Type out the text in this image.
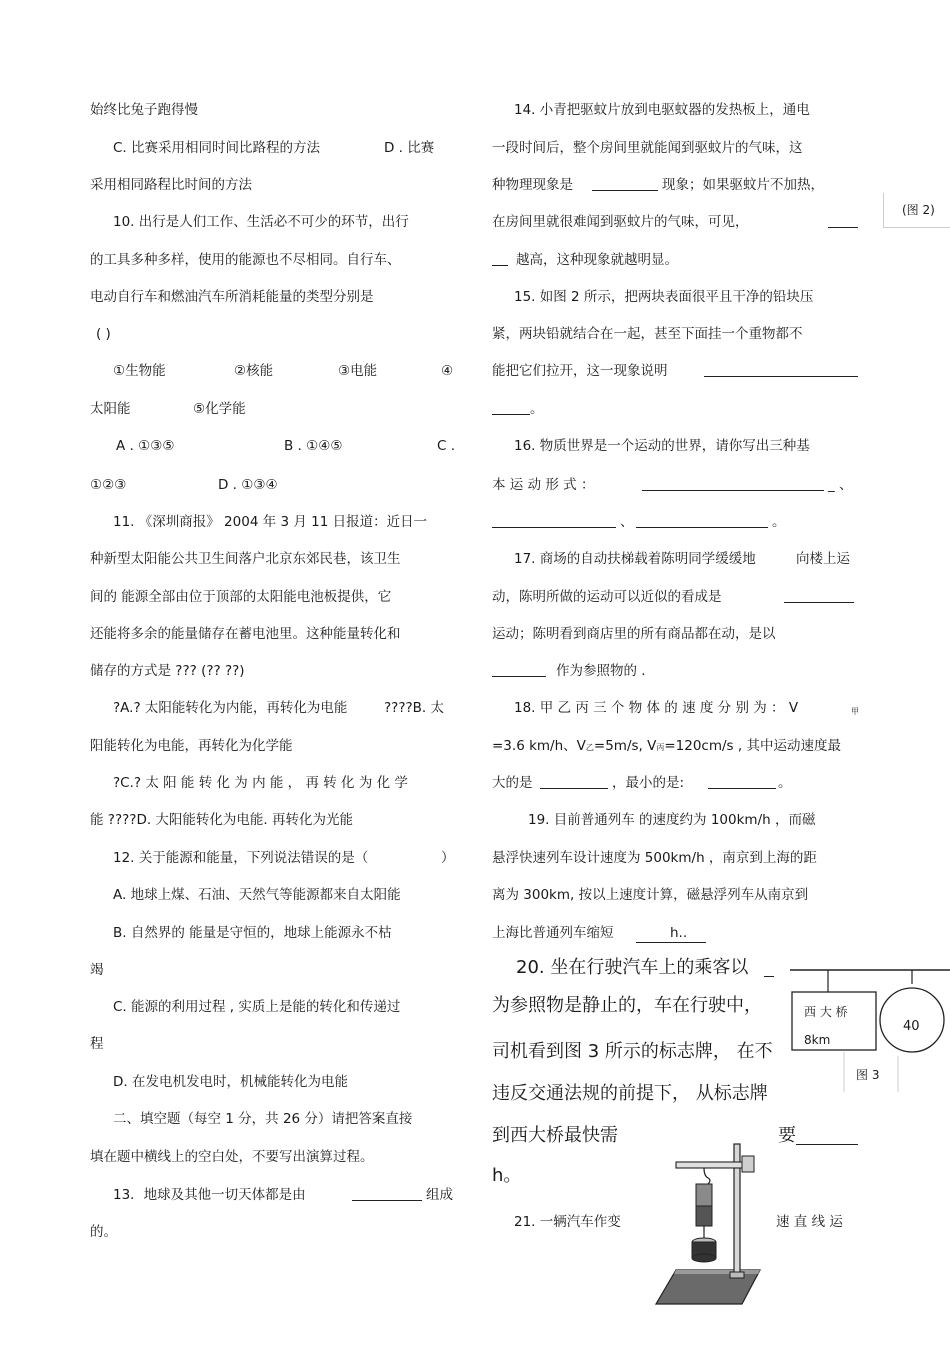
始终比兔子跑得慢
C. 比赛采用相同时间比路程的方法	D . 比赛
采用相同路程比时间的方法
10. 出行是人们工作、生活必不可少的环节，出行
的工具多种多样，使用的能源也不尽相同。自行车、
电动自行车和燃油汽车所消耗能量的类型分别是
( )
①生物能	②核能	③电能	④
太阳能	⑤化学能
A . ①③⑤	B . ①④⑤	C .
①②③	D . ①③④
11. 《深圳商报》 2004 年 3 月 11 日报道：近日一
种新型太阳能公共卫生间落户北京东郊民巷，该卫生
间的 能源全部由位于顶部的太阳能电池板提供，它
还能将多余的能量储存在蓄电池里。这种能量转化和
储存的方式是 ??? (?? ??)
?A.? 太阳能转化为内能，再转化为电能	????B. 太
阳能转化为电能，再转化为化学能
?C.? 太 阳 能 转 化 为 内 能 ， 再 转 化 为 化 学
能 ????D. 大阳能转化为电能. 再转化为光能
12. 关于能源和能量，下列说法错误的是（	）
A. 地球上煤、石油、天然气等能源都来自太阳能
B. 自然界的 能量是守恒的，地球上能源永不枯
竭
C. 能源的利用过程 , 实质上是能的转化和传递过
程
D. 在发电机发电时，机械能转化为电能
二、填空题（每空 1 分，共 26 分）请把答案直接
填在题中横线上的空白处，不要写出演算过程。
13．地球及其他一切天体都是由	组成
的。
14. 小青把驱蚊片放到电驱蚊器的发热板上，通电
一段时间后，整个房间里就能闻到驱蚊片的气味，这
种物理现象是	现象；如果驱蚊片不加热，
在房间里就很难闻到驱蚊片的气味，可见，
越高，这种现象就越明显。
15. 如图 2 所示，把两块表面很平且干净的铅块压
紧，两块铅就结合在一起，甚至下面挂一个重物都不
能把它们拉开，这一现象说明
。
16. 物质世界是一个运动的世界，请你写出三种基
本 运 动 形 式 ：	_ 、
、	。
17. 商场的自动扶梯载着陈明同学缓缓地	向楼上运
动，陈明所做的运动可以近似的看成是
运动；陈明看到商店里的所有商品都在动，是以
作为参照物的 .
18. 甲 乙 丙 三 个 物 体 的 速 度 分 别 为 ： V	甲
=3.6 km/h、V乙=5m/s, V丙=120cm/s , 其中运动速度最
大的是	，最小的是:	。
19. 目前普通列车 的速度约为 100km/h ，而磁
悬浮快速列车设计速度为 500km/h ，南京到上海的距
离为 300km, 按以上速度计算，磁悬浮列车从南京到
上海比普通列车缩短	h..
20. 坐在行驶汽车上的乘客以
为参照物是静止的，车在行驶中，
司机看到图 3 所示的标志牌， 在不
违反交通法规的前提下， 从标志牌
到西大桥最快需	要
h。
21. 一辆汽车作变	速 直 线 运
(图 2)
西 大 桥
8km
40
图 3
